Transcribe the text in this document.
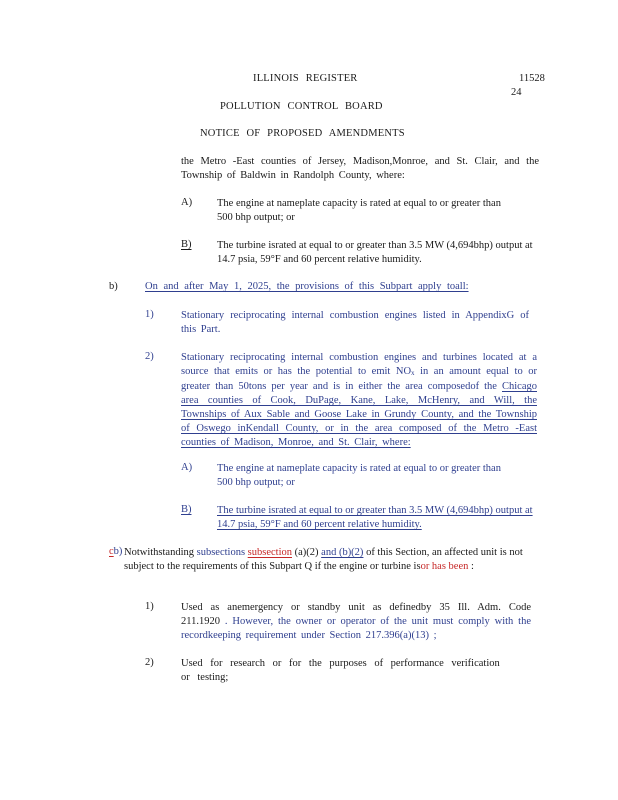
ILLINOIS REGISTER	11528
24
POLLUTION CONTROL BOARD
NOTICE OF PROPOSED AMENDMENTS
the Metro -East counties of Jersey, Madison,Monroe, and St. Clair, and the Township of Baldwin in Randolph County, where:
A) The engine at nameplate capacity is rated at equal to or greater than 500 bhp output; or
B) The turbine israted at equal to or greater than 3.5 MW (4,694bhp) output at 14.7 psia, 59°F and 60 percent relative humidity.
b)	On and after May 1, 2025, the provisions of this Subpart apply toall:
1)	Stationary reciprocating internal combustion engines listed in AppendixG of this Part.
2)	Stationary reciprocating internal combustion engines and turbines located at a source that emits or has the potential to emit $NO_x$ in an amount equal to or greater than 50tons per year and is in either the area composedof the Chicago area counties of Cook, DuPage, Kane, Lake, McHenry, and Will, the Townships of Aux Sable and Goose Lake in Grundy County, and the Township of Oswego inKendall County, or in the area composed of the Metro -East counties of Madison, Monroe, and St. Clair, where:
A) The engine at nameplate capacity is rated at equal to or greater than 500 bhp output; or
B) The turbine israted at equal to or greater than 3.5 MW (4,694bhp) output at 14.7 psia, 59°F and 60 percent relative humidity.
cb) Notwithstanding subsections subsection (a)(2) and (b)(2) of this Section, an affected unit is not subject to the requirements of this Subpart Q if the engine or turbine isor has been :
1)	Used as anemergency or standby unit as definedby 35 Ill. Adm. Code 211.1920 . However, the owner or operator of the unit must comply with the recordkeeping requirement under Section 217.396(a)(13) ;
2)	Used for research or for the purposes of performance verification or testing;
